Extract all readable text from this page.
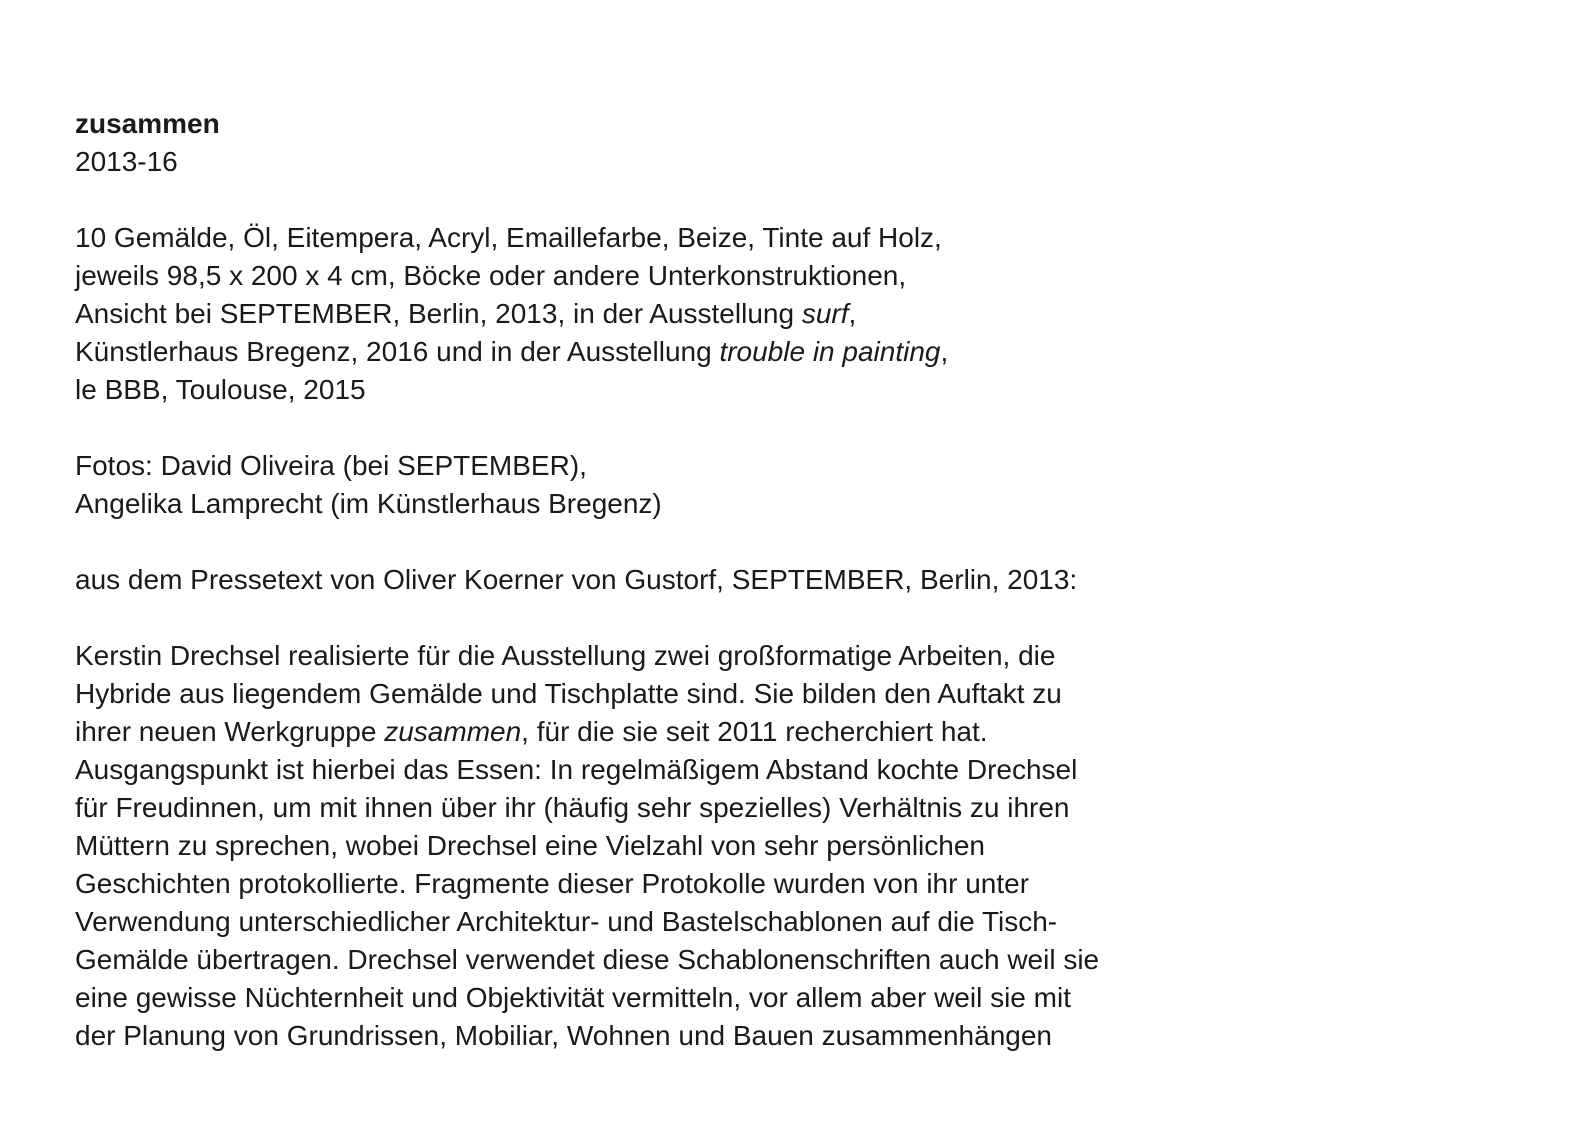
zusammen
2013-16
10 Gemälde, Öl, Eitempera, Acryl, Emaillefarbe, Beize, Tinte auf Holz,
jeweils 98,5 x 200 x 4 cm, Böcke oder andere Unterkonstruktionen,
Ansicht bei SEPTEMBER, Berlin, 2013, in der Ausstellung surf,
Künstlerhaus Bregenz, 2016 und in der Ausstellung trouble in painting,
le BBB, Toulouse, 2015
Fotos: David Oliveira (bei SEPTEMBER),
Angelika Lamprecht (im Künstlerhaus Bregenz)
aus dem Pressetext von Oliver Koerner von Gustorf, SEPTEMBER, Berlin, 2013:
Kerstin Drechsel realisierte für die Ausstellung zwei großformatige Arbeiten, die
Hybride aus liegendem Gemälde und Tischplatte sind. Sie bilden den Auftakt zu
ihrer neuen Werkgruppe zusammen, für die sie seit 2011 recherchiert hat.
Ausgangspunkt ist hierbei das Essen: In regelmäßigem Abstand kochte Drechsel
für Freudinnen, um mit ihnen über ihr (häufig sehr spezielles) Verhältnis zu ihren
Müttern zu sprechen, wobei Drechsel eine Vielzahl von sehr persönlichen
Geschichten protokollierte. Fragmente dieser Protokolle wurden von ihr unter
Verwendung unterschiedlicher Architektur- und Bastelschablonen auf die Tisch-
Gemälde übertragen. Drechsel verwendet diese Schablonenschriften auch weil sie
eine gewisse Nüchternheit und Objektivität vermitteln, vor allem aber weil sie mit
der Planung von Grundrissen, Mobiliar, Wohnen und Bauen zusammenhängen
